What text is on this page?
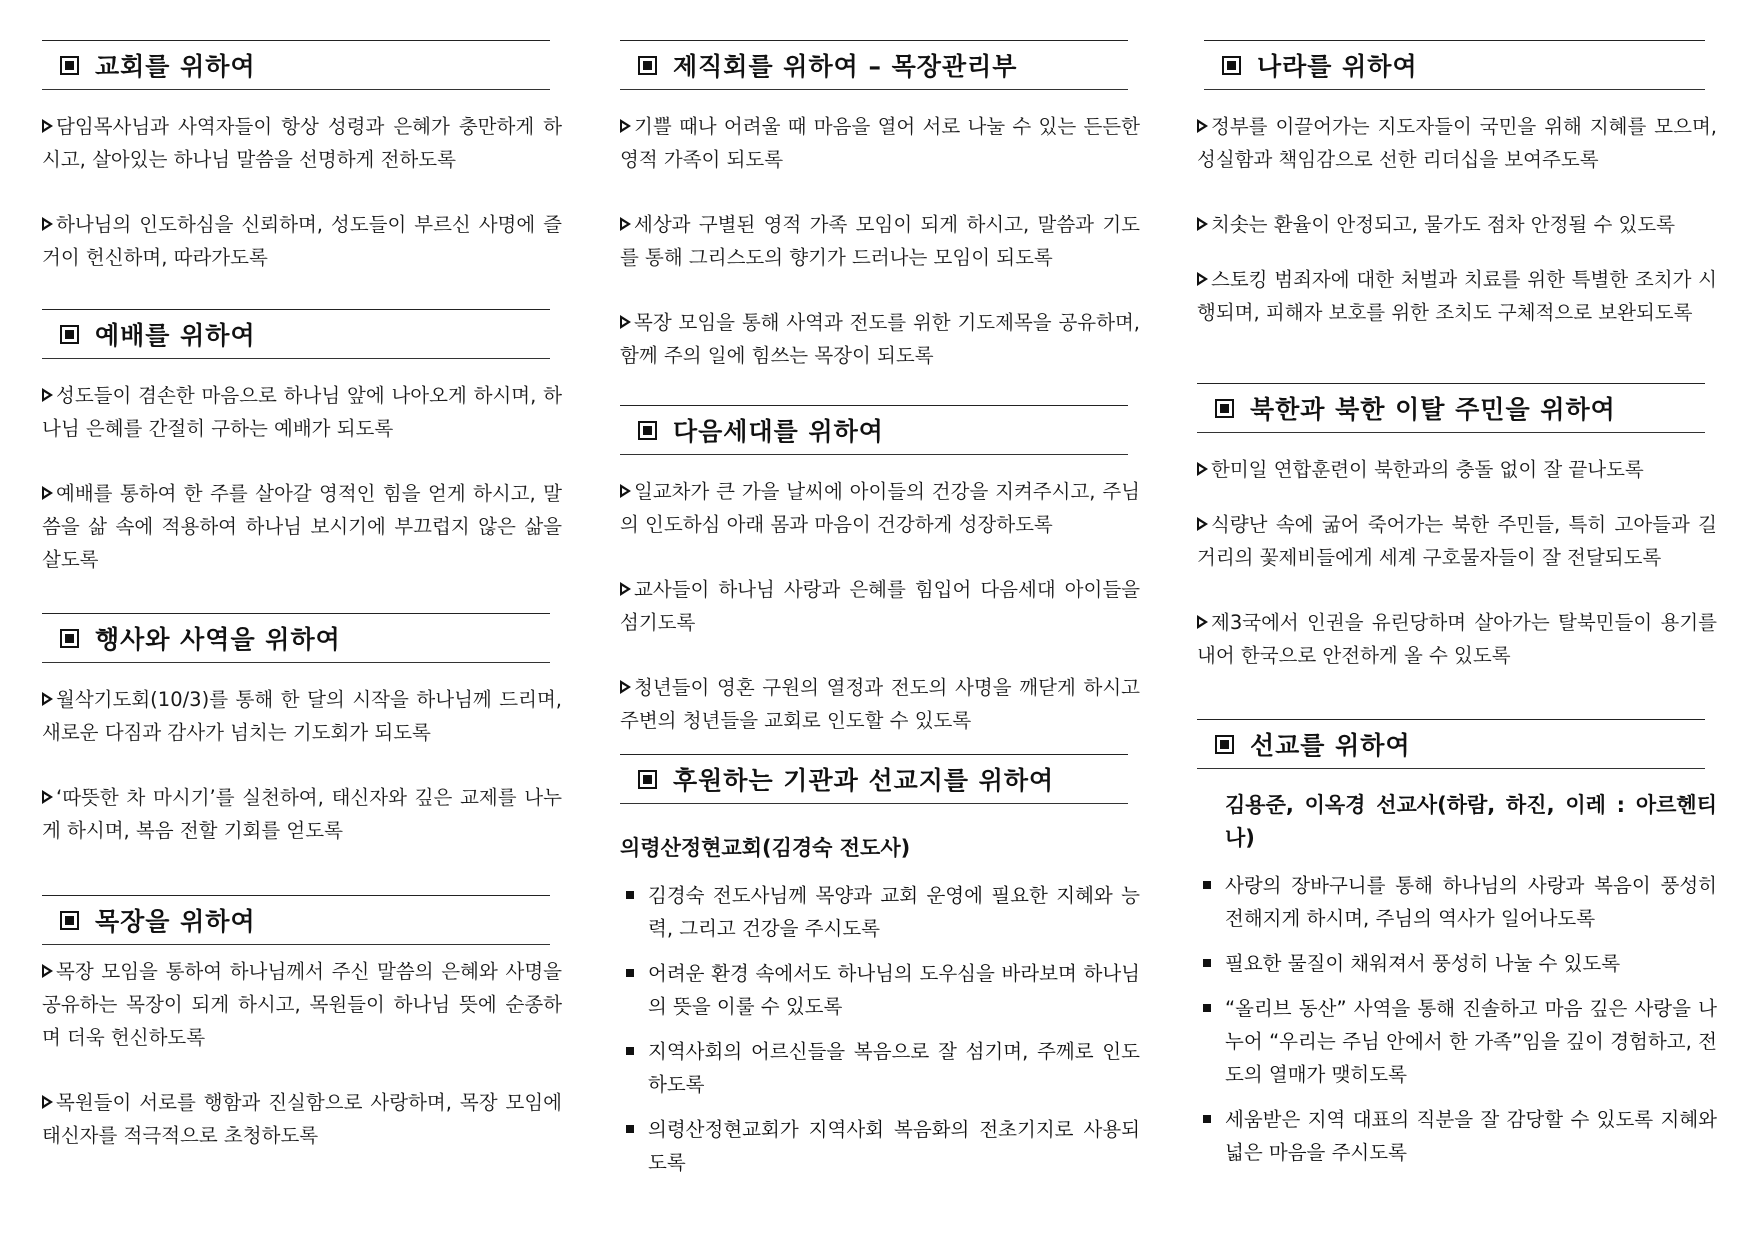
교회를 위하여

담임목사님과 사역자들이 항상 성령과 은혜가 충만하게 하시고, 살아있는 하나님 말씀을 선명하게 전하도록

하나님의 인도하심을 신뢰하며, 성도들이 부르신 사명에 즐거이 헌신하며, 따라가도록

예배를 위하여

성도들이 겸손한 마음으로 하나님 앞에 나아오게 하시며, 하나님 은혜를 간절히 구하는 예배가 되도록

예배를 통하여 한 주를 살아갈 영적인 힘을 얻게 하시고, 말씀을 삶 속에 적용하여 하나님 보시기에 부끄럽지 않은 삶을 살도록

행사와 사역을 위하여

월삭기도회(10/3)를 통해 한 달의 시작을 하나님께 드리며, 새로운 다짐과 감사가 넘치는 기도회가 되도록

‘따뜻한 차 마시기’를 실천하여, 태신자와 깊은 교제를 나누게 하시며, 복음 전할 기회를 얻도록

목장을 위하여

목장 모임을 통하여 하나님께서 주신 말씀의 은혜와 사명을 공유하는 목장이 되게 하시고, 목원들이 하나님 뜻에 순종하며 더욱 헌신하도록

목원들이 서로를 행함과 진실함으로 사랑하며, 목장 모임에 태신자를 적극적으로 초청하도록

제직회를 위하여 – 목장관리부

기쁠 때나 어려울 때 마음을 열어 서로 나눌 수 있는 든든한 영적 가족이 되도록

세상과 구별된 영적 가족 모임이 되게 하시고, 말씀과 기도를 통해 그리스도의 향기가 드러나는 모임이 되도록

목장 모임을 통해 사역과 전도를 위한 기도제목을 공유하며, 함께 주의 일에 힘쓰는 목장이 되도록

다음세대를 위하여

일교차가 큰 가을 날씨에 아이들의 건강을 지켜주시고, 주님의 인도하심 아래 몸과 마음이 건강하게 성장하도록

교사들이 하나님 사랑과 은혜를 힘입어 다음세대 아이들을 섬기도록

청년들이 영혼 구원의 열정과 전도의 사명을 깨닫게 하시고 주변의 청년들을 교회로 인도할 수 있도록

후원하는 기관과 선교지를 위하여
의령산정현교회(김경숙 전도사)
김경숙 전도사님께 목양과 교회 운영에 필요한 지혜와 능력, 그리고 건강을 주시도록
어려운 환경 속에서도 하나님의 도우심을 바라보며 하나님의 뜻을 이룰 수 있도록
지역사회의 어르신들을 복음으로 잘 섬기며, 주께로 인도하도록
의령산정현교회가 지역사회 복음화의 전초기지로 사용되도록
나라를 위하여

정부를 이끌어가는 지도자들이 국민을 위해 지혜를 모으며, 성실함과 책임감으로 선한 리더십을 보여주도록

치솟는 환율이 안정되고, 물가도 점차 안정될 수 있도록

스토킹 범죄자에 대한 처벌과 치료를 위한 특별한 조치가 시행되며, 피해자 보호를 위한 조치도 구체적으로 보완되도록

북한과 북한 이탈 주민을 위하여

한미일 연합훈련이 북한과의 충돌 없이 잘 끝나도록

식량난 속에 굶어 죽어가는 북한 주민들, 특히 고아들과 길거리의 꽃제비들에게 세계 구호물자들이 잘 전달되도록

제3국에서 인권을 유린당하며 살아가는 탈북민들이 용기를 내어 한국으로 안전하게 올 수 있도록

선교를 위하여
김용준, 이옥경 선교사(하람, 하진, 이레 : 아르헨티나)
사랑의 장바구니를 통해 하나님의 사랑과 복음이 풍성히 전해지게 하시며, 주님의 역사가 일어나도록
필요한 물질이 채워져서 풍성히 나눌 수 있도록
“올리브 동산” 사역을 통해 진솔하고 마음 깊은 사랑을 나누어 “우리는 주님 안에서 한 가족”임을 깊이 경험하고, 전도의 열매가 맺히도록
세움받은 지역 대표의 직분을 잘 감당할 수 있도록 지혜와 넓은 마음을 주시도록
